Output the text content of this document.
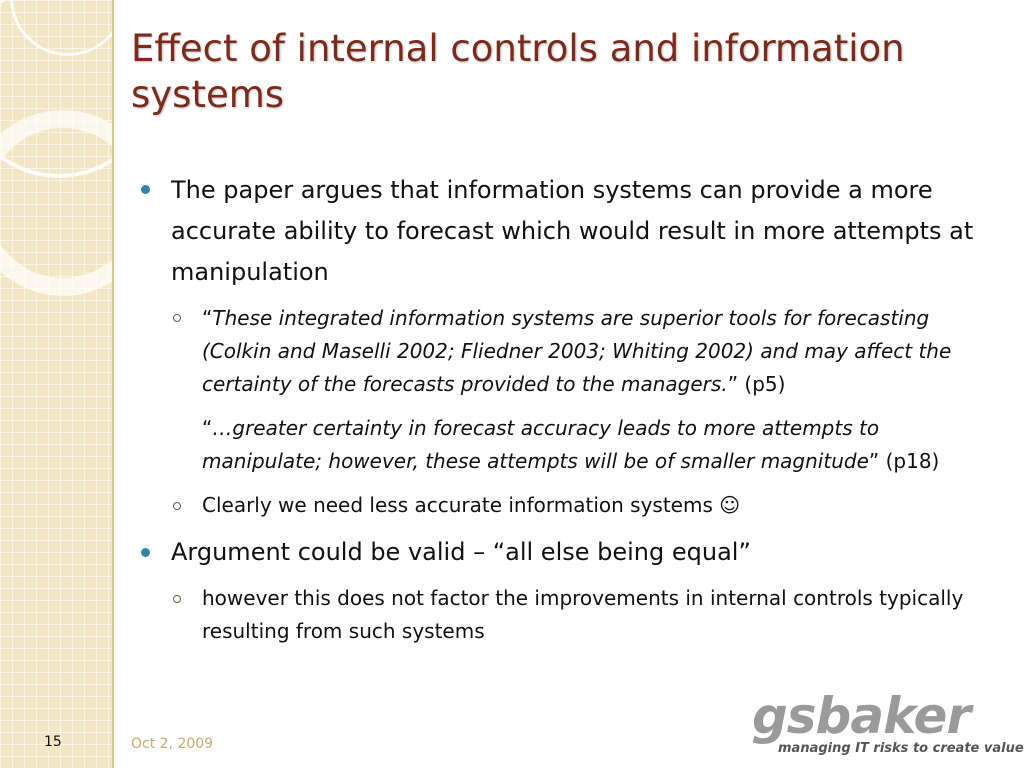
Effect of internal controls and information systems
The paper argues that information systems can provide a more accurate ability to forecast which would result in more attempts at manipulation
“These integrated information systems are superior tools for forecasting (Colkin and Maselli 2002; Fliedner 2003; Whiting 2002) and may affect the certainty of the forecasts provided to the managers.” (p5)
“…greater certainty in forecast accuracy leads to more attempts to manipulate; however, these attempts will be of smaller magnitude” (p18)
Clearly we need less accurate information systems ☺
Argument could be valid – “all else being equal”
however this does not factor the improvements in internal controls typically resulting from such systems
15	Oct 2, 2009	gsbaker
managing IT risks to create value
